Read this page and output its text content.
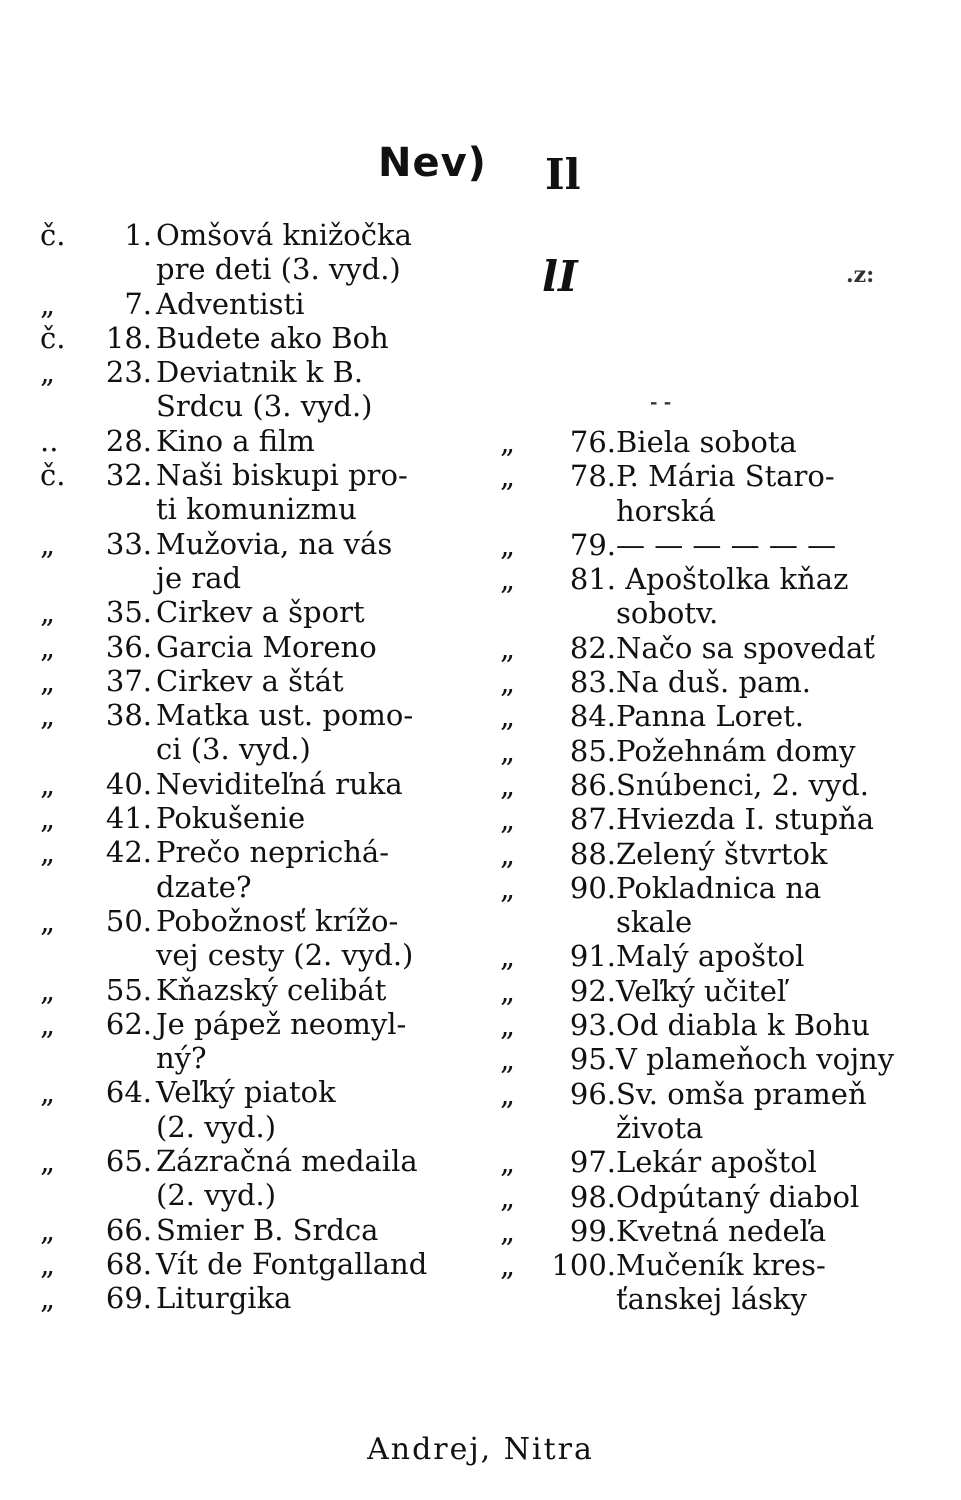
Nev) Il
lI	.z:
- -
č.	1. Omšová knižočka
pre deti (3. vyd.)
„	7. Adventisti
č.	18. Budete ako Boh
„	23. Deviatnik k B.
Srdcu (3. vyd.)
..	28. Kino a film
č.	32. Naši biskupi pro-
ti komunizmu
„	33. Mužovia, na vás
je rad
„	35. Cirkev a šport
„	36. Garcia Moreno
„	37. Cirkev a štát
„	38. Matka ust. pomo-
ci (3. vyd.)
„	40. Neviditeľná ruka
„	41. Pokušenie
„	42. Prečo neprichá-
dzate?
„	50. Pobožnosť krížo-
vej cesty (2. vyd.)
„	55. Kňazský celibát
„	62. Je pápež neomyl-
ný?
„	64. Veľký piatok
(2. vyd.)
„	65. Zázračná medaila
(2. vyd.)
„	66. Smier B. Srdca
„	68. Vít de Fontgalland
„	69. Liturgika
„	76. Biela sobota
„	78. P. Mária Staro-
horská
„	79. — — — — — —
„	81. Apoštolka kňaz
sobotv.
„	82. Načo sa spovedať
„	83. Na duš. pam.
„	84. Panna Loret.
„	85. Požehnám domy
„	86. Snúbenci, 2. vyd.
„	87. Hviezda I. stupňa
„	88. Zelený štvrtok
„	90. Pokladnica na
skale
„	91. Malý apoštol
„	92. Veľký učiteľ
„	93. Od diabla k Bohu
„	95. V plameňoch vojny
„	96. Sv. omša prameň
života
„	97. Lekár apoštol
„	98. Odpútaný diabol
„	99. Kvetná nedeľa
„	100. Mučeník kres-
ťanskej lásky
Andrej, Nitra
